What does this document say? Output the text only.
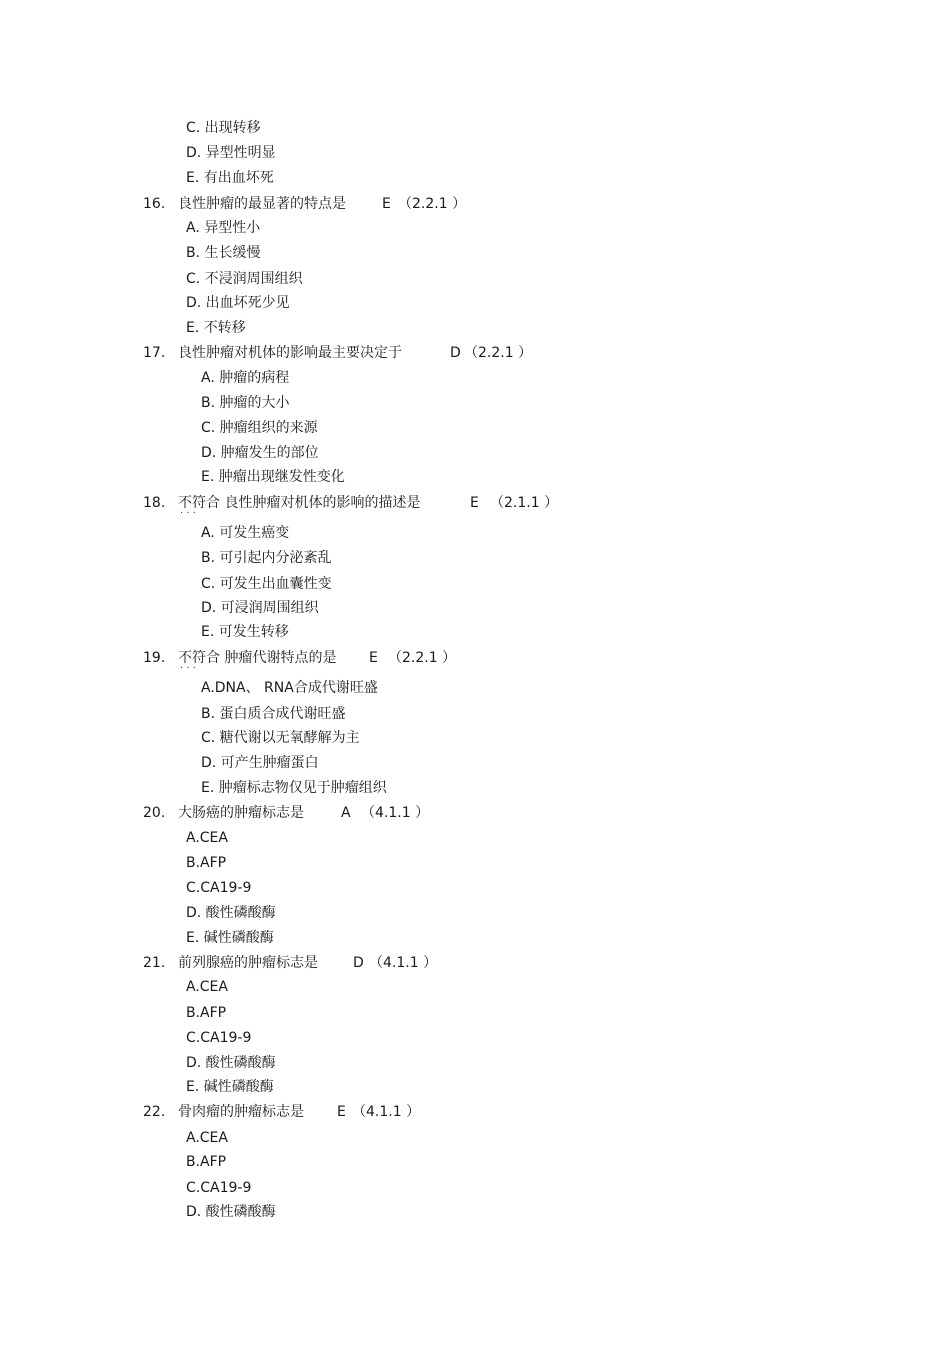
C. 出现转移
D. 异型性明显
E. 有出血坏死
16. 良性肿瘤的最显著的特点是	E （2.2.1 ）
A. 异型性小
B. 生长缓慢
C. 不浸润周围组织
D. 出血坏死少见
E. 不转移
17. 良性肿瘤对机体的影响最主要决定于	D （2.2.1 ）
A. 肿瘤的病程
B. 肿瘤的大小
C. 肿瘤组织的来源
D. 肿瘤发生的部位
E. 肿瘤出现继发性变化
18. 不符合 · · · 良性肿瘤对机体的影响的描述是	E （2.1.1 ）
A. 可发生癌变
B. 可引起内分泌紊乱
C. 可发生出血囊性变
D. 可浸润周围组织
E. 可发生转移
19. 不符合 · · · 肿瘤代谢特点的是 E （2.2.1 ）
A.DNA、 RNA合成代谢旺盛
B. 蛋白质合成代谢旺盛
C. 糖代谢以无氧酵解为主
D. 可产生肿瘤蛋白
E. 肿瘤标志物仅见于肿瘤组织
20. 大肠癌的肿瘤标志是	A （4.1.1 ）
A.CEA
B.AFP
C.CA19-9
D. 酸性磷酸酶
E. 碱性磷酸酶
21. 前列腺癌的肿瘤标志是	D （4.1.1 ）
A.CEA
B.AFP
C.CA19-9
D. 酸性磷酸酶
E. 碱性磷酸酶
22. 骨肉瘤的肿瘤标志是 E （4.1.1 ）
A.CEA
B.AFP
C.CA19-9
D. 酸性磷酸酶
